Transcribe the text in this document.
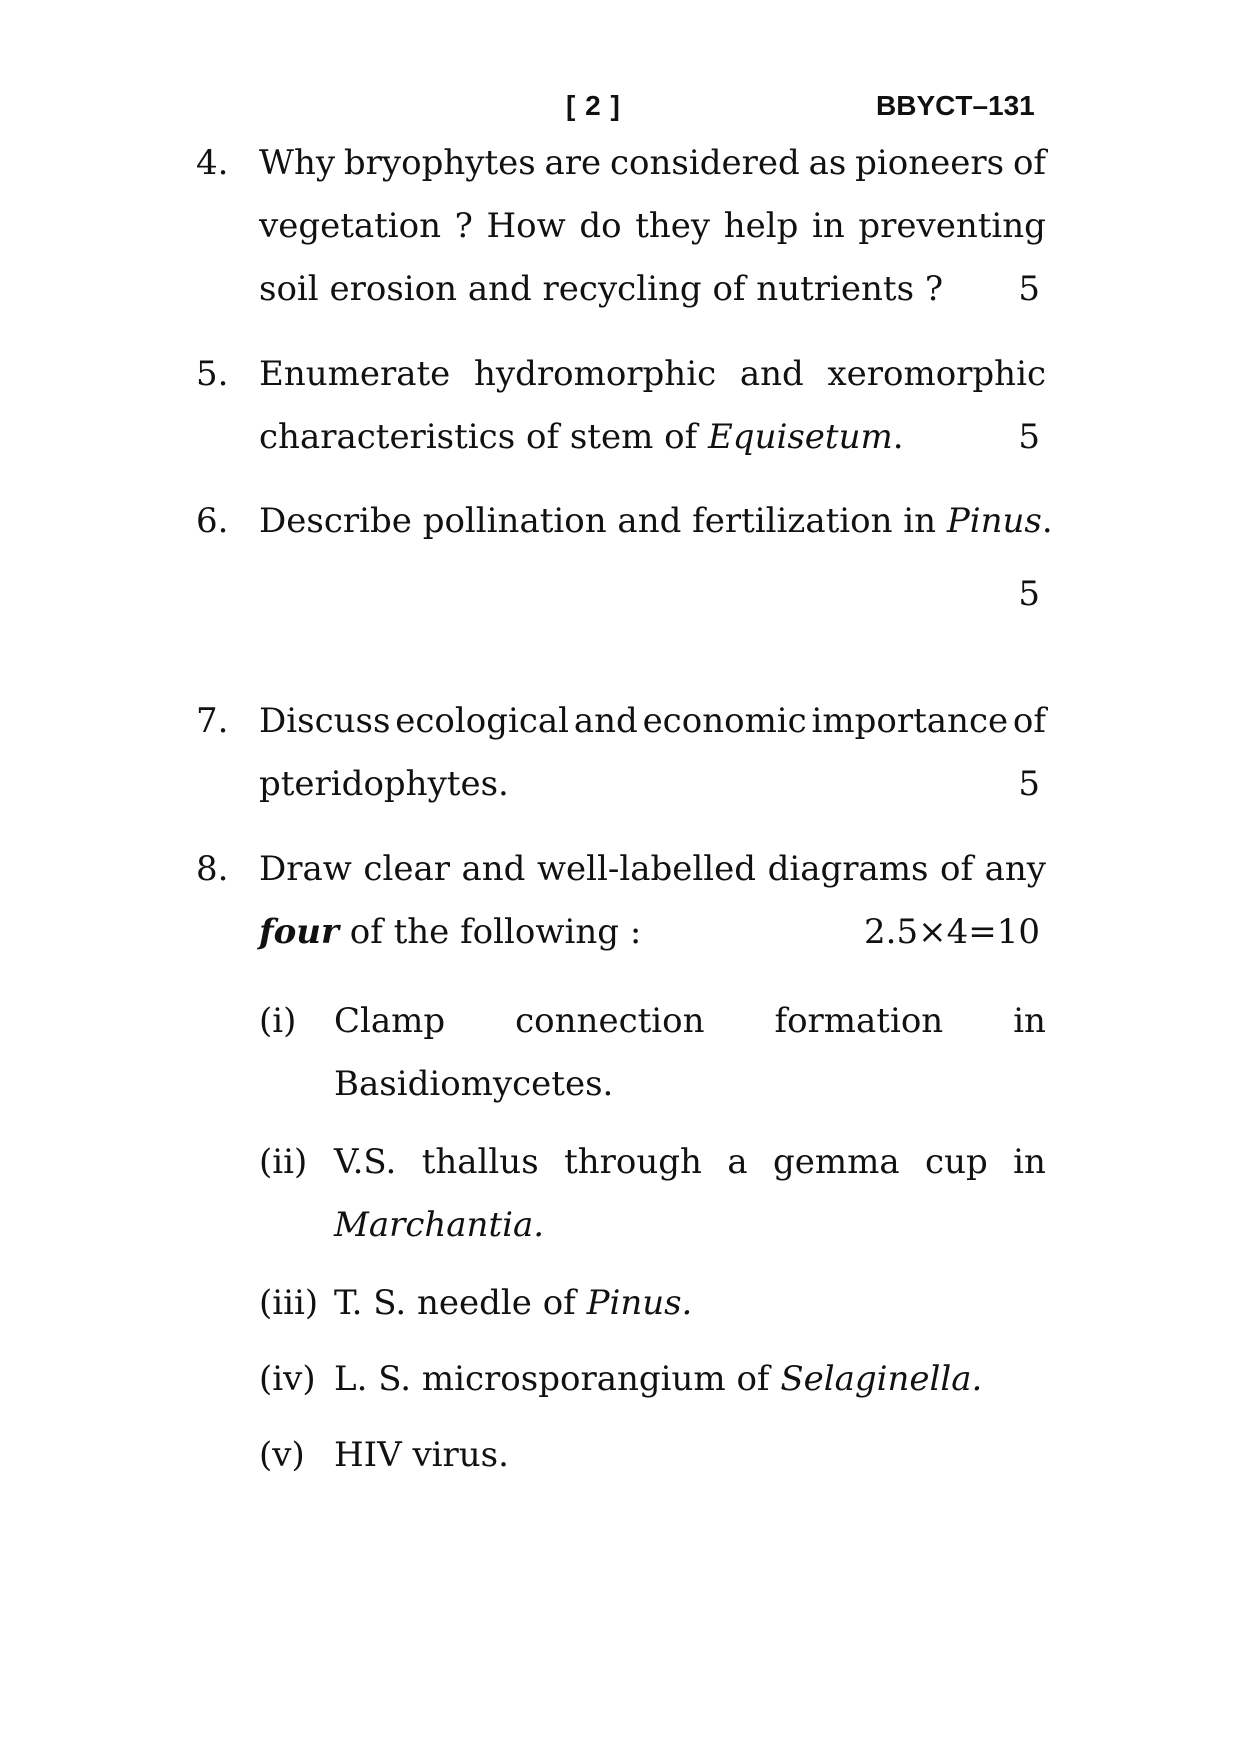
[ 2 ]	BBYCT–131
4. Why bryophytes are considered as pioneers of
vegetation ? How do they help in preventing
soil erosion and recycling of nutrients ? 5
5. Enumerate hydromorphic and xeromorphic
characteristics of stem of Equisetum.	5
6. Describe pollination and fertilization in Pinus.
5
7. Discuss ecological and economic importance of
pteridophytes.	5
8. Draw clear and well-labelled diagrams of any
four of the following :	2.5×4=10
(i) Clamp connection formation in
Basidiomycetes.
(ii) V.S. thallus through a gemma cup in
Marchantia.
(iii) T. S. needle of Pinus.
(iv) L. S. microsporangium of Selaginella.
(v) HIV virus.
